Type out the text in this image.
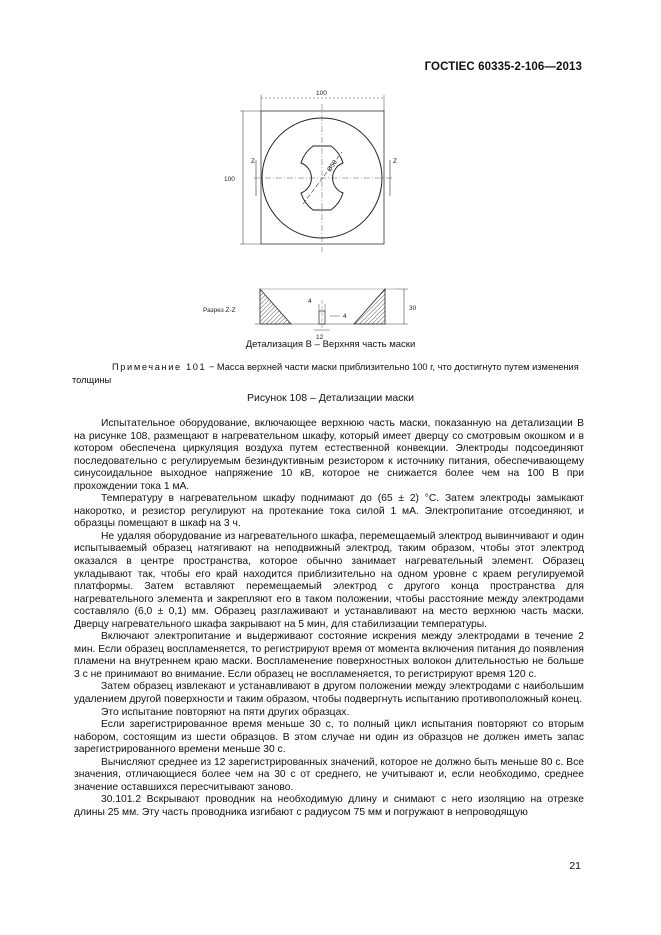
ГОСТIEC 60335-2-106—2013
100
100
Ø50
Z	Z
Разрез Z-Z
4
4
12
30
Детализация B – Верхняя часть маски
Примечание 101 − Масса верхней части маски приблизительно 100 г, что достигнуто путем изменения толщины
Рисунок 108 – Детализации маски

Испытательное оборудование, включающее верхнюю часть маски, показанную на детализации B на рисунке 108, размещают в нагревательном шкафу, который имеет дверцу со смотровым окошком и в котором обеспечена циркуляция воздуха путем естественной конвекции. Электроды подсоединяют последовательно с регулируемым безиндуктивным резистором к источнику питания, обеспечивающему синусоидальное выходное напряжение 10 кВ, которое не снижается более чем на 100 В при прохождении тока 1 мА.

Температуру в нагревательном шкафу поднимают до (65 ± 2) °C. Затем электроды замыкают накоротко, и резистор регулируют на протекание тока силой 1 мА. Электропитание отсоединяют, и образцы помещают в шкаф на 3 ч.

Не удаляя оборудование из нагревательного шкафа, перемещаемый электрод вывинчивают и один испытываемый образец натягивают на неподвижный электрод, таким образом, чтобы этот электрод оказался в центре пространства, которое обычно занимает нагревательный элемент. Образец укладывают так, чтобы его край находится приблизительно на одном уровне с краем регулируемой платформы. Затем вставляют перемещаемый электрод с другого конца пространства для нагревательного элемента и закрепляют его в таком положении, чтобы расстояние между электродами составляло (6,0 ± 0,1) мм. Образец разглаживают и устанавливают на место верхнюю часть маски. Дверцу нагревательного шкафа закрывают на 5 мин, для стабилизации температуры.

Включают электропитание и выдерживают состояние искрения между электродами в течение 2 мин. Если образец воспламеняется, то регистрируют время от момента включения питания до появления пламени на внутреннем краю маски. Воспламенение поверхностных волокон длительностью не больше 3 с не принимают во внимание. Если образец не воспламеняется, то регистрируют время 120 с.

Затем образец извлекают и устанавливают в другом положении между электродами с наибольшим удалением другой поверхности и таким образом, чтобы подвергнуть испытанию противоположный конец.

Это испытание повторяют на пяти других образцах.

Если зарегистрированное время меньше 30 с, то полный цикл испытания повторяют со вторым набором, состоящим из шести образцов. В этом случае ни один из образцов не должен иметь запас зарегистрированного времени меньше 30 с.

Вычисляют среднее из 12 зарегистрированных значений, которое не должно быть меньше 80 с. Все значения, отличающиеся более чем на 30 с от среднего, не учитывают и, если необходимо, среднее значение оставшихся пересчитывают заново.

30.101.2 Вскрывают проводник на необходимую длину и снимают с него изоляцию на отрезке длины 25 мм. Эту часть проводника изгибают с радиусом 75 мм и погружают в непроводящую

21
